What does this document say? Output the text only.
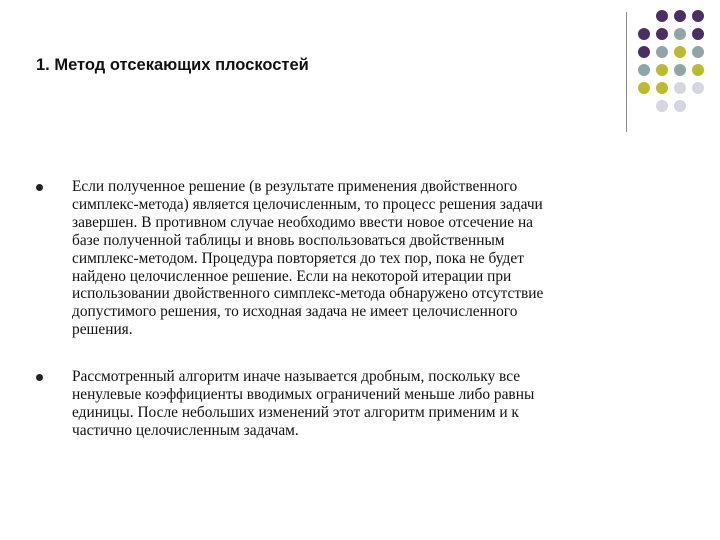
1. Метод отсекающих плоскостей

Если полученное решение (в результате применения двойственного
симплекс-метода) является целочисленным, то процесс решения задачи
завершен. В противном случае необходимо ввести новое отсечение на
базе полученной таблицы и вновь воспользоваться двойственным
симплекс-методом. Процедура повторяется до тех пор, пока не будет
найдено целочисленное решение. Если на некоторой итерации при
использовании двойственного симплекс-метода обнаружено отсутствие
допустимого решения, то исходная задача не имеет целочисленного
решения.

Рассмотренный алгоритм иначе называется дробным, поскольку все
ненулевые коэффициенты вводимых ограничений меньше либо равны
единицы. После небольших изменений этот алгоритм применим и к
частично целочисленным задачам.
